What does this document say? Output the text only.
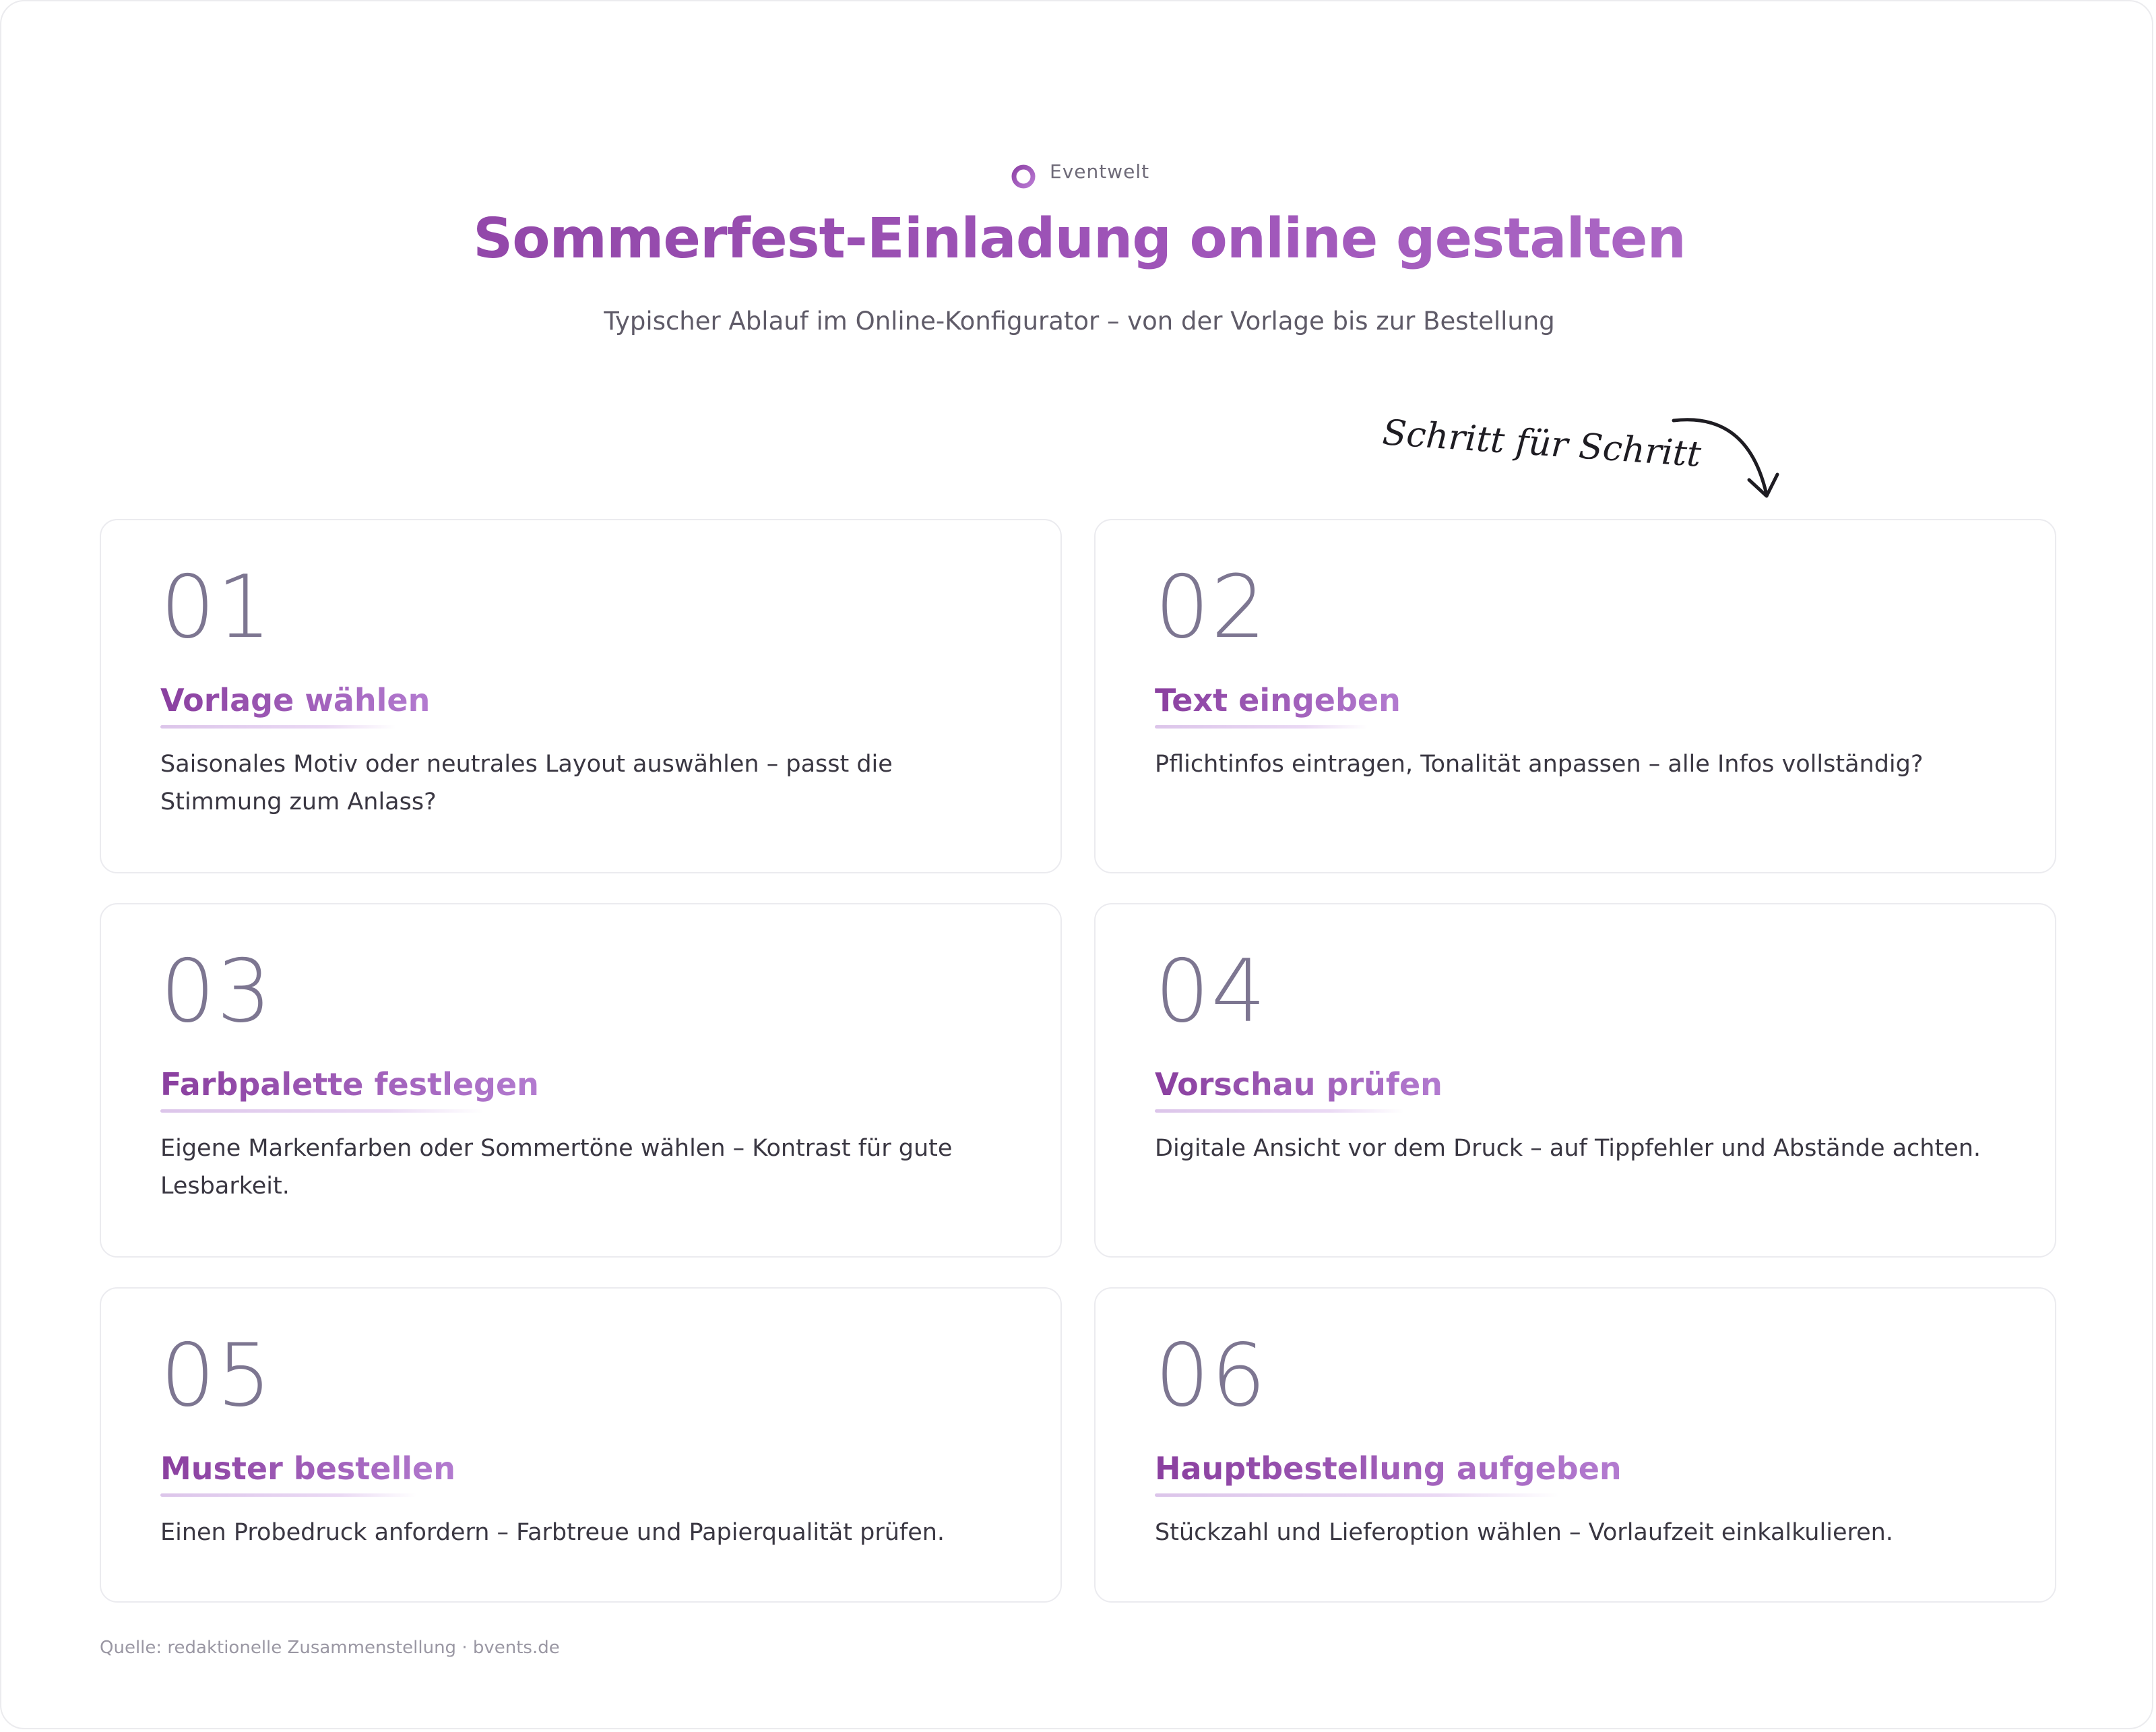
Eventwelt
Sommerfest-Einladung online gestalten
Typischer Ablauf im Online-Konfigurator – von der Vorlage bis zur Bestellung
Schritt für Schritt
01
Vorlage wählen
Saisonales Motiv oder neutrales Layout auswählen – passt die Stimmung zum Anlass?
02
Text eingeben
Pflichtinfos eintragen, Tonalität anpassen – alle Infos vollständig?
03
Farbpalette festlegen
Eigene Markenfarben oder Sommertöne wählen – Kontrast für gute Lesbarkeit.
04
Vorschau prüfen
Digitale Ansicht vor dem Druck – auf Tippfehler und Abstände achten.
05
Muster bestellen
Einen Probedruck anfordern – Farbtreue und Papierqualität prüfen.
06
Hauptbestellung aufgeben
Stückzahl und Lieferoption wählen – Vorlaufzeit einkalkulieren.
Quelle: redaktionelle Zusammenstellung · bvents.de
